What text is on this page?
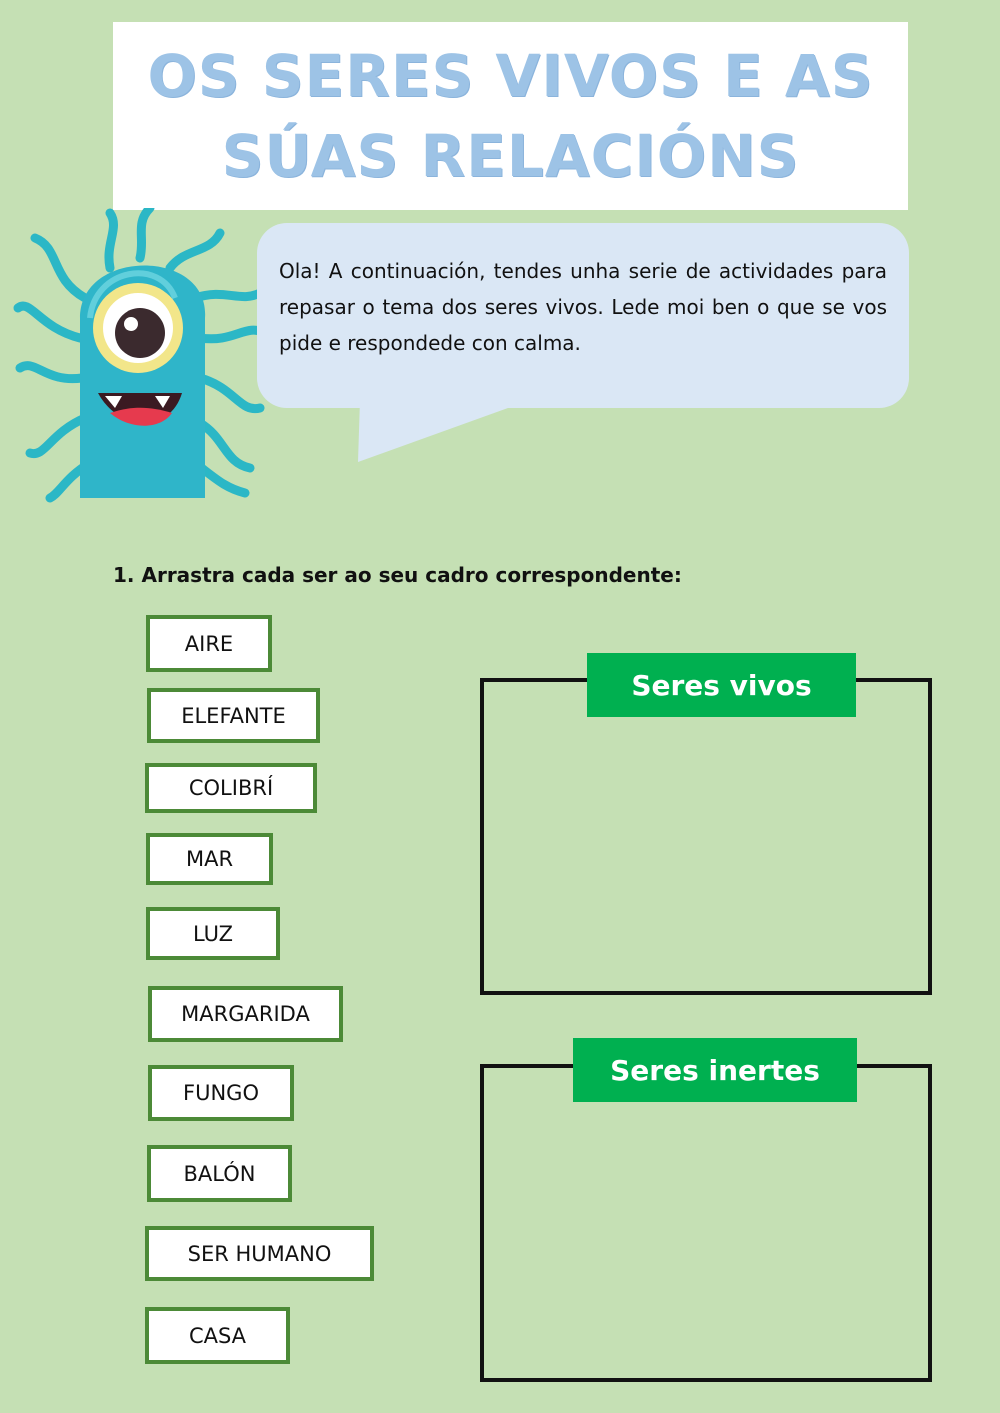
OS SERES VIVOS E AS SÚAS RELACIÓNS

Ola! A continuación, tendes unha serie de actividades para repasar o tema dos seres vivos. Lede moi ben o que se vos pide e respondede con calma.

1. Arrastra cada ser ao seu cadro correspondente:
AIRE
ELEFANTE
COLIBRÍ
MAR
LUZ
MARGARIDA
FUNGO
BALÓN
SER HUMANO
CASA
Seres vivos
Seres inertes
